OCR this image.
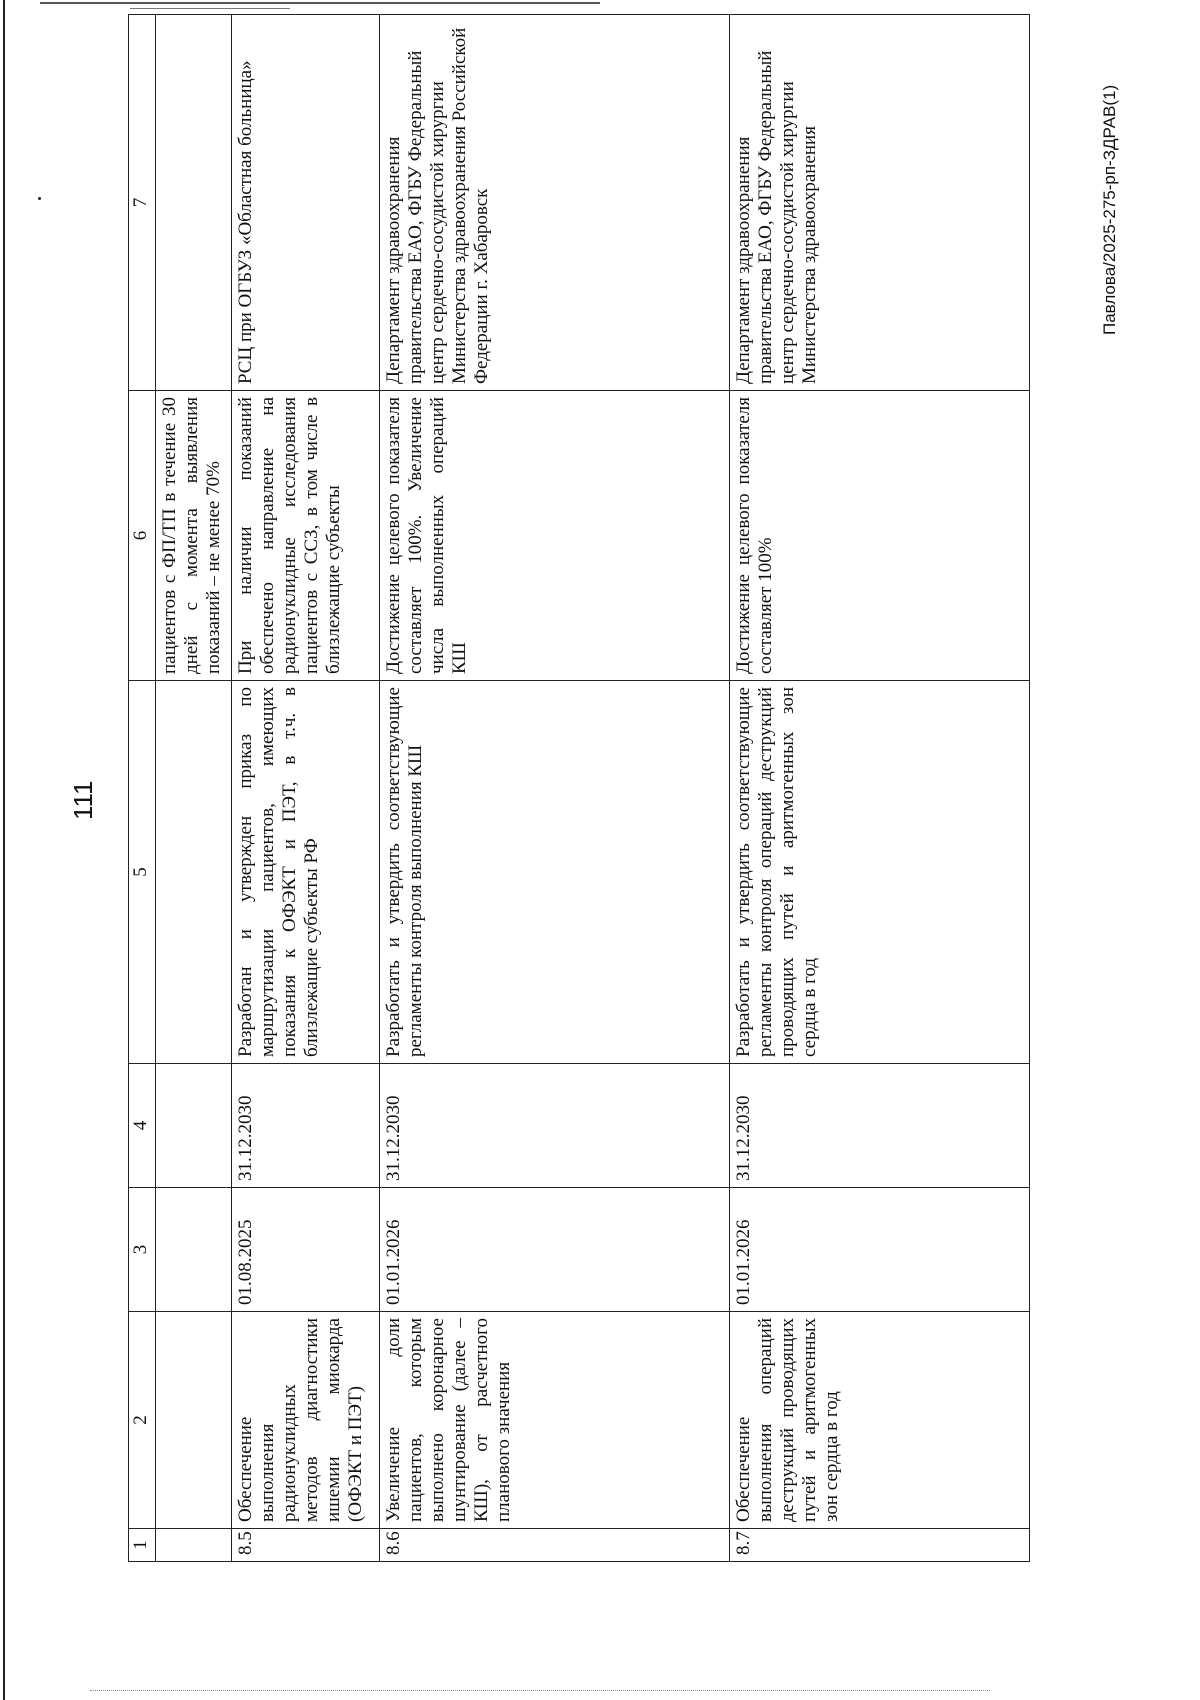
111
1	2	3	4	5	6	7
					пациентов с ФП/ТП в течение 30 дней с момента выявления показаний – не менее 70%	
8.5	Обеспечение выполнения радионуклидных методов диагностики ишемии миокарда (ОФЭКТ и ПЭТ)	01.08.2025	31.12.2030	Разработан и утвержден приказ по маршрутизации пациентов, имеющих показания к ОФЭКТ и ПЭТ, в т.ч. в близлежащие субъекты РФ	При наличии показаний обеспечено направление на радионуклидные исследования пациентов с ССЗ, в том числе в близлежащие субъекты	РСЦ при ОГБУЗ «Областная больница»
8.6	Увеличение доли пациентов, которым выполнено коронарное шунтирование (далее – КШ), от расчетного планового значения	01.01.2026	31.12.2030	Разработать и утвердить соответствующие регламенты контроля выполнения КШ	Достижение целевого показателя составляет 100%. Увеличение числа выполненных операций КШ	Департамент здравоохранения правительства ЕАО, ФГБУ Федеральный центр сердечно-сосудистой хирургии Министерства здравоохранения Российской Федерации г. Хабаровск
8.7	Обеспечение выполнения операций деструкций проводящих путей и аритмогенных зон сердца в год	01.01.2026	31.12.2030	Разработать и утвердить соответствующие регламенты контроля операций деструкций проводящих путей и аритмогенных зон сердца в год	Достижение целевого показателя составляет 100%	Департамент здравоохранения правительства ЕАО, ФГБУ Федеральный центр сердечно-сосудистой хирургии Министерства здравоохранения	Павлова/2025-275-рп-ЗДРАВ(1)
